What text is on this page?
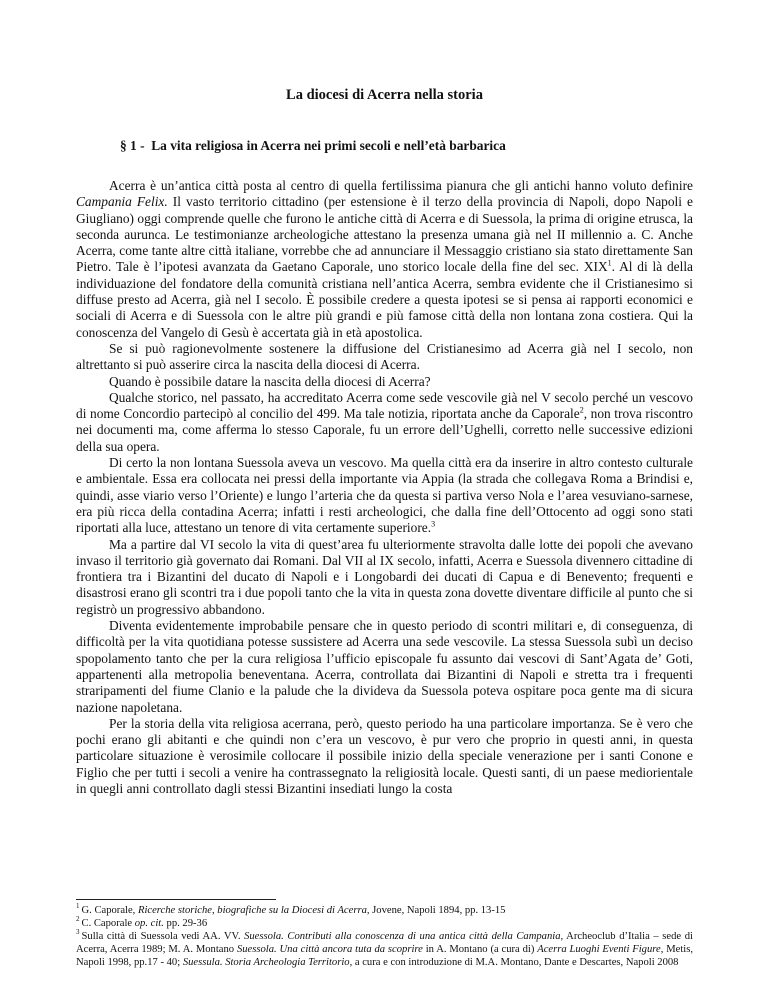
La diocesi di Acerra nella storia
§ 1 - La vita religiosa in Acerra nei primi secoli e nell’età barbarica

Acerra è un’antica città posta al centro di quella fertilissima pianura che gli antichi hanno voluto definire Campania Felix. Il vasto territorio cittadino (per estensione è il terzo della provincia di Napoli, dopo Napoli e Giugliano) oggi comprende quelle che furono le antiche città di Acerra e di Suessola, la prima di origine etrusca, la seconda aurunca. Le testimonianze archeologiche attestano la presenza umana già nel II millennio a. C. Anche Acerra, come tante altre città italiane, vorrebbe che ad annunciare il Messaggio cristiano sia stato direttamente San Pietro. Tale è l’ipotesi avanzata da Gaetano Caporale, uno storico locale della fine del sec. XIX$^1$. Al di là della individuazione del fondatore della comunità cristiana nell’antica Acerra, sembra evidente che il Cristianesimo si diffuse presto ad Acerra, già nel I secolo. È possibile credere a questa ipotesi se si pensa ai rapporti economici e sociali di Acerra e di Suessola con le altre più grandi e più famose città della non lontana zona costiera. Qui la conoscenza del Vangelo di Gesù è accertata già in età apostolica.

Se si può ragionevolmente sostenere la diffusione del Cristianesimo ad Acerra già nel I secolo, non altrettanto si può asserire circa la nascita della diocesi di Acerra.

Quando è possibile datare la nascita della diocesi di Acerra?

Qualche storico, nel passato, ha accreditato Acerra come sede vescovile già nel V secolo perché un vescovo di nome Concordio partecipò al concilio del 499. Ma tale notizia, riportata anche da Caporale$^2$, non trova riscontro nei documenti ma, come afferma lo stesso Caporale, fu un errore dell’Ughelli, corretto nelle successive edizioni della sua opera.

Di certo la non lontana Suessola aveva un vescovo. Ma quella città era da inserire in altro contesto culturale e ambientale. Essa era collocata nei pressi della importante via Appia (la strada che collegava Roma a Brindisi e, quindi, asse viario verso l’Oriente) e lungo l’arteria che da questa si partiva verso Nola e l’area vesuviano-sarnese, era più ricca della contadina Acerra; infatti i resti archeologici, che dalla fine dell’Ottocento ad oggi sono stati riportati alla luce, attestano un tenore di vita certamente superiore.$^3$

Ma a partire dal VI secolo la vita di quest’area fu ulteriormente stravolta dalle lotte dei popoli che avevano invaso il territorio già governato dai Romani. Dal VII al IX secolo, infatti, Acerra e Suessola divennero cittadine di frontiera tra i Bizantini del ducato di Napoli e i Longobardi dei ducati di Capua e di Benevento; frequenti e disastrosi erano gli scontri tra i due popoli tanto che la vita in questa zona dovette diventare difficile al punto che si registrò un progressivo abbandono.

Diventa evidentemente improbabile pensare che in questo periodo di scontri militari e, di conseguenza, di difficoltà per la vita quotidiana potesse sussistere ad Acerra una sede vescovile. La stessa Suessola subì un deciso spopolamento tanto che per la cura religiosa l’ufficio episcopale fu assunto dai vescovi di Sant’Agata de’ Goti, appartenenti alla metropolia beneventana. Acerra, controllata dai Bizantini di Napoli e stretta tra i frequenti straripamenti del fiume Clanio e la palude che la divideva da Suessola poteva ospitare poca gente ma di sicura nazione napoletana.

Per la storia della vita religiosa acerrana, però, questo periodo ha una particolare importanza. Se è vero che pochi erano gli abitanti e che quindi non c’era un vescovo, è pur vero che proprio in questi anni, in questa particolare situazione è verosimile collocare il possibile inizio della speciale venerazione per i santi Conone e Figlio che per tutti i secoli a venire ha contrassegnato la religiosità locale. Questi santi, di un paese mediorientale in quegli anni controllato dagli stessi Bizantini insediati lungo la costa

$^1$ G. Caporale, Ricerche storiche, biografiche su la Diocesi di Acerra, Jovene, Napoli 1894, pp. 13-15

$^2$ C. Caporale op. cit. pp. 29-36

$^3$ Sulla città di Suessola vedi AA. VV. Suessola. Contributi alla conoscenza di una antica città della Campania, Archeoclub d’Italia – sede di Acerra, Acerra 1989; M. A. Montano Suessola. Una città ancora tuta da scoprire in A. Montano (a cura di) Acerra Luoghi Eventi Figure, Metis, Napoli 1998, pp.17 - 40; Suessula. Storia Archeologia Territorio, a cura e con introduzione di M.A. Montano, Dante e Descartes, Napoli 2008
